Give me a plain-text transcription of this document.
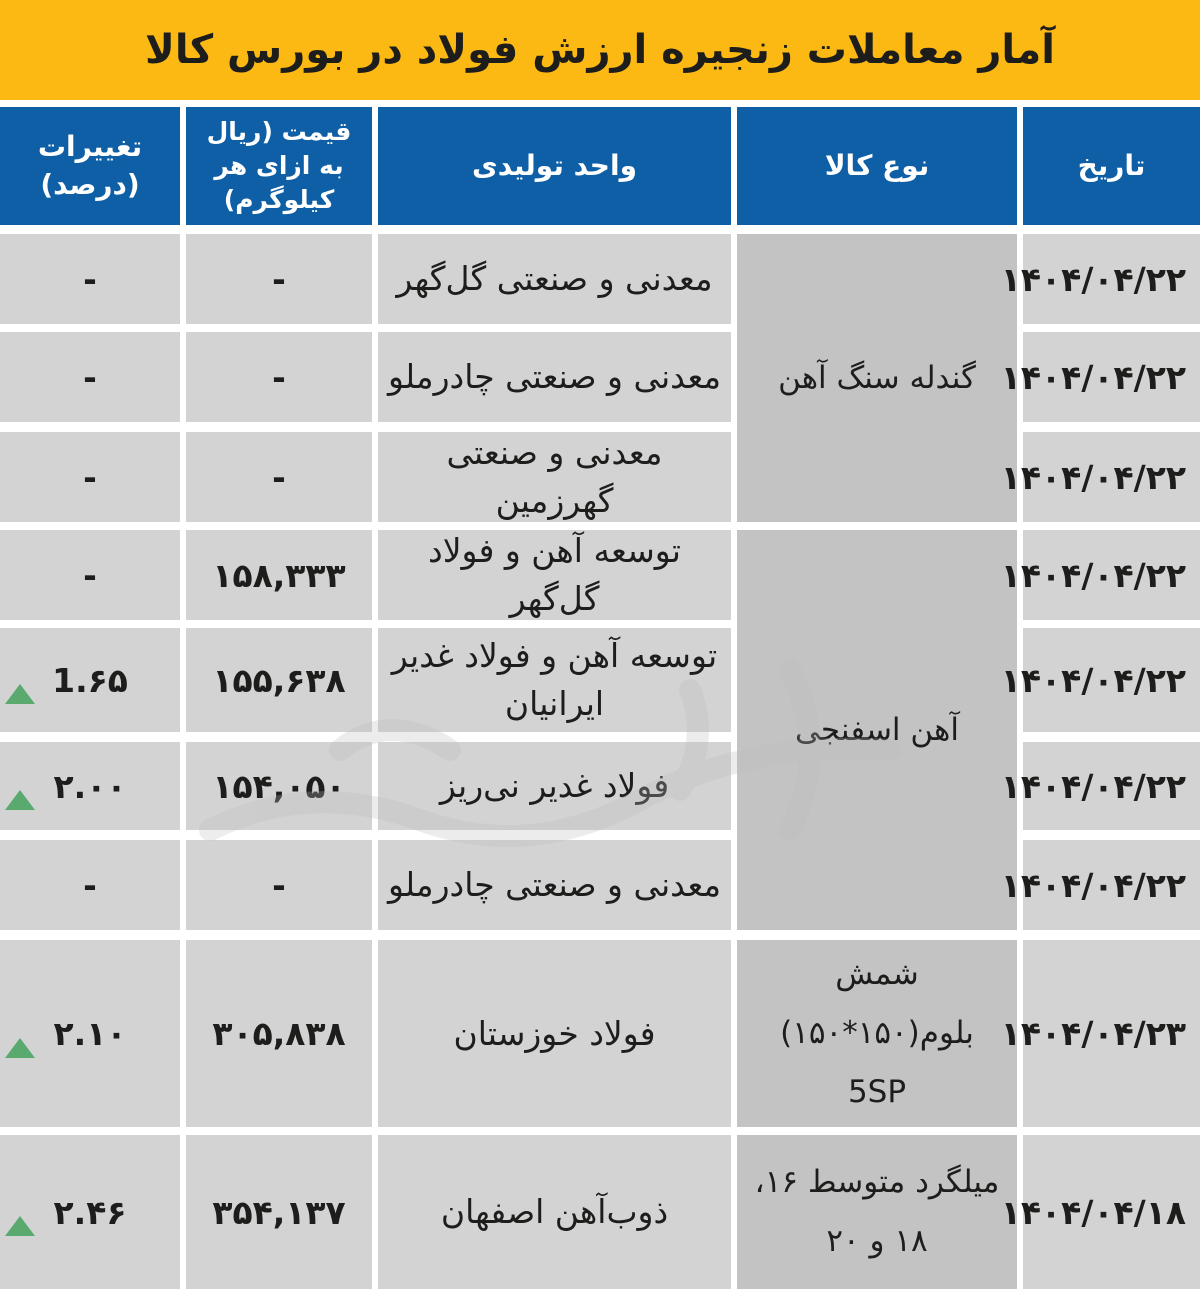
آمار معاملات زنجیره ارزش فولاد در بورس کالا
تاریخ
نوع کالا
واحد تولیدی
قیمت (ریال به ازای هر کیلوگرم)
تغییرات (درصد)
گندله سنگ آهن
آهن اسفنجی
شمش بلوم(۱۵۰*۱۵۰) 5SP
میلگرد متوسط ۱۶، ۱۸ و ۲۰
۱۴۰۴/۰۴/۲۲
معدنی و صنعتی گل‌گهر
-
-
۱۴۰۴/۰۴/۲۲
معدنی و صنعتی چادرملو
-
-
۱۴۰۴/۰۴/۲۲
معدنی و صنعتی گهرزمین
-
-
۱۴۰۴/۰۴/۲۲
توسعه آهن و فولاد گل‌گهر
۱۵۸,۳۳۳
-
۱۴۰۴/۰۴/۲۲
توسعه آهن و فولاد غدیر ایرانیان
۱۵۵,۶۳۸
1.۶۵
۱۴۰۴/۰۴/۲۲
فولاد غدیر نی‌ریز
۱۵۴,۰۵۰
۲.۰۰
۱۴۰۴/۰۴/۲۲
معدنی و صنعتی چادرملو
-
-
۱۴۰۴/۰۴/۲۳
فولاد خوزستان
۳۰۵,۸۳۸
۲.۱۰
۱۴۰۴/۰۴/۱۸
ذوب‌آهن اصفهان
۳۵۴,۱۳۷
۲.۴۶
